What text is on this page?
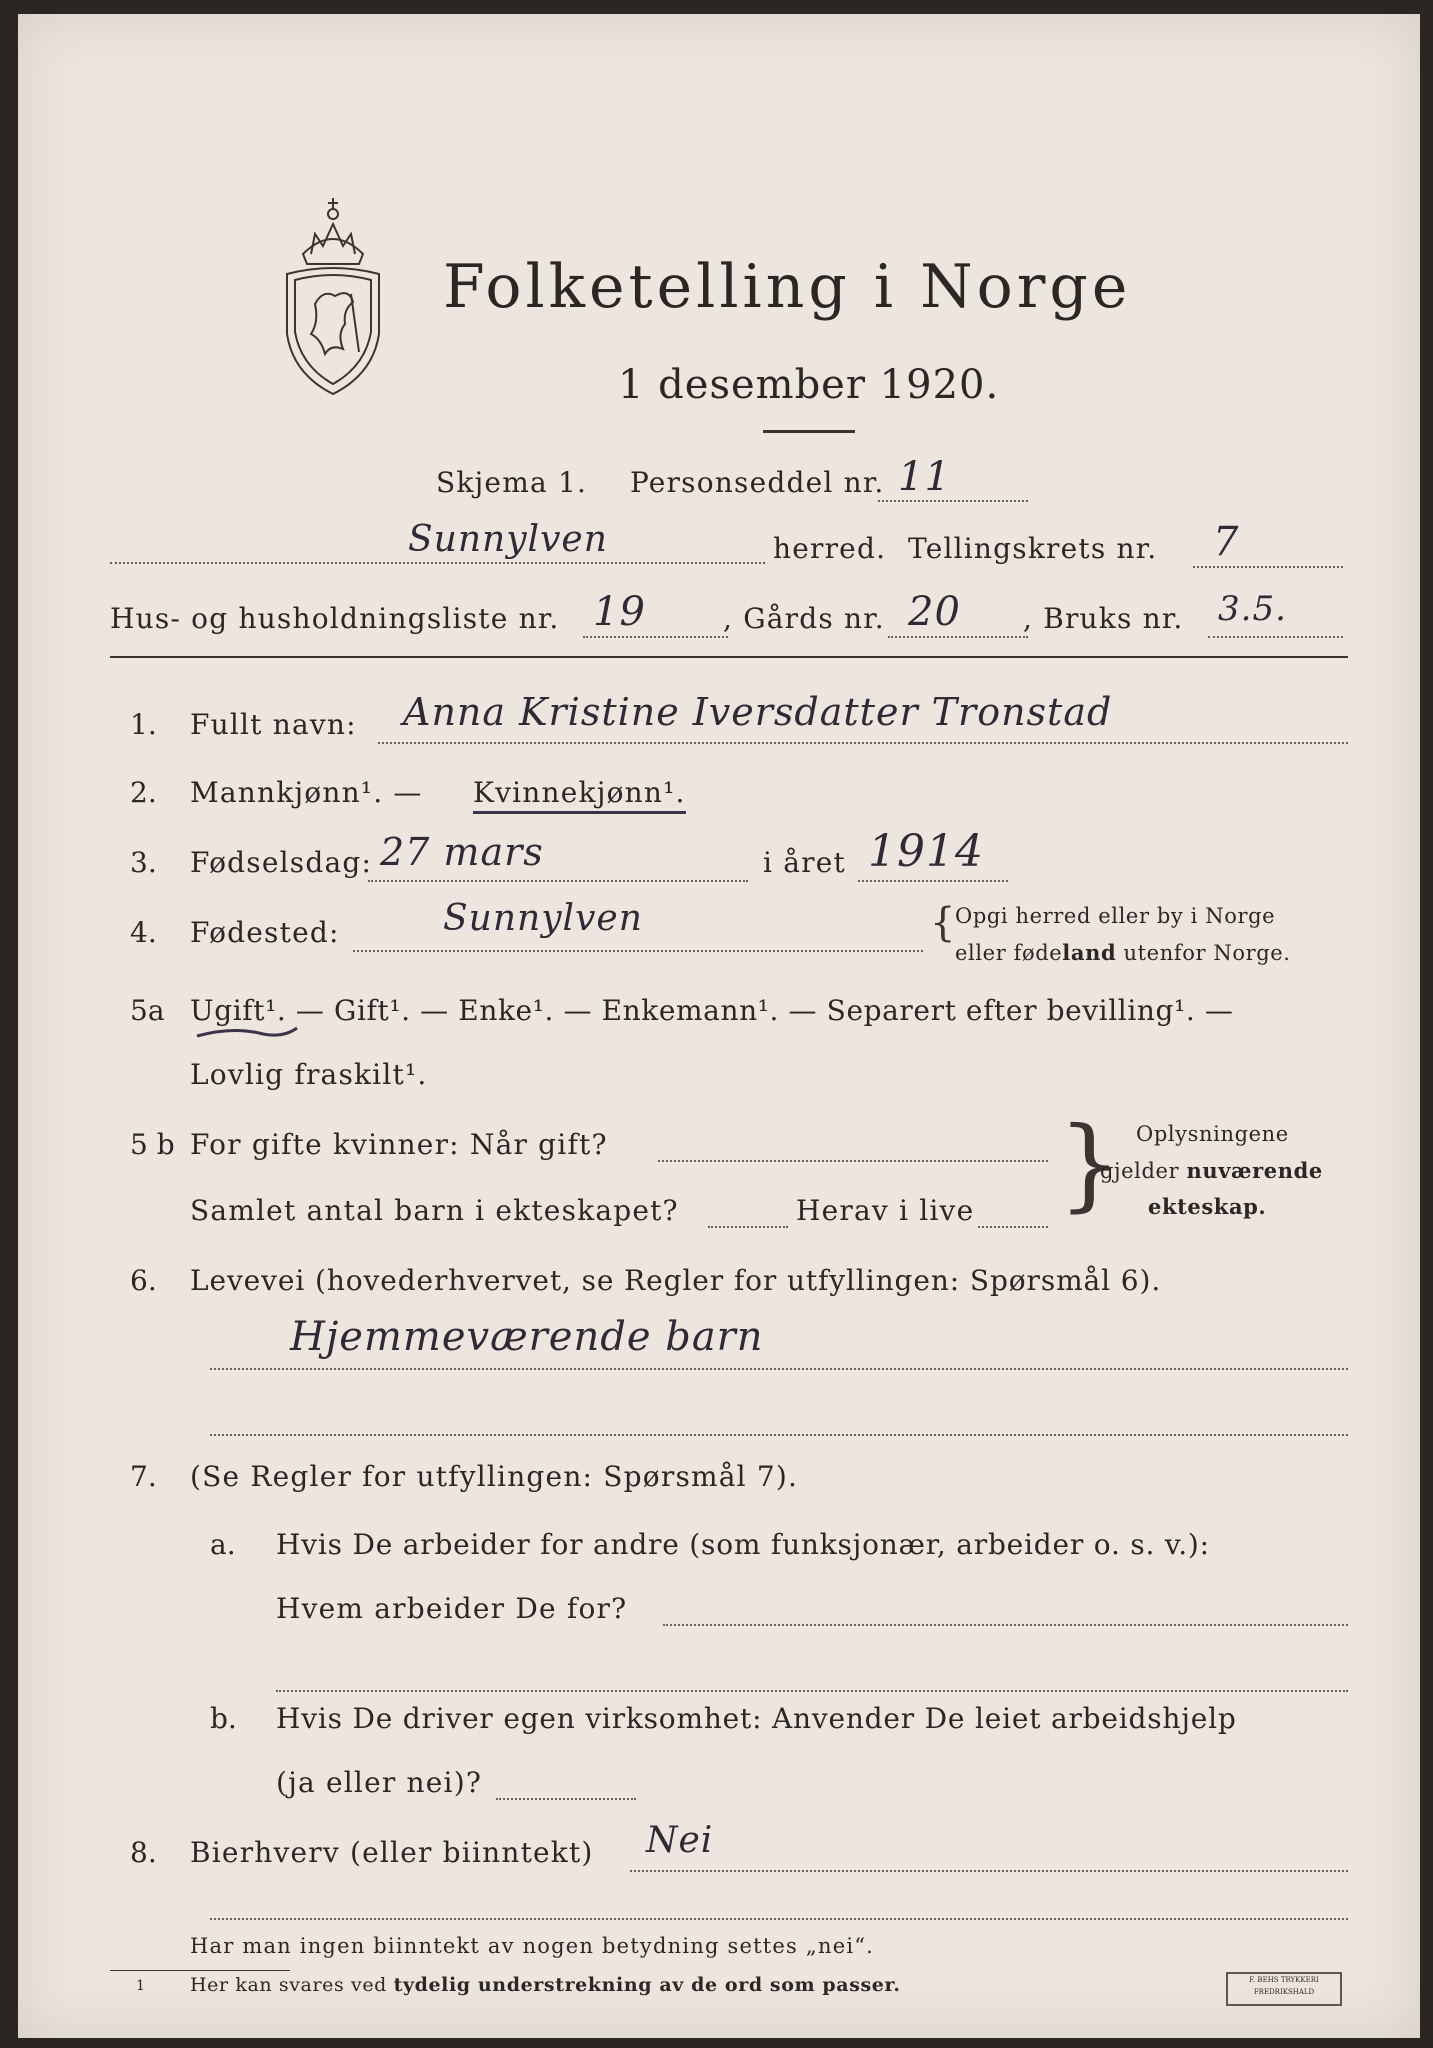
Folketelling i Norge
1 desember 1920.
Skjema 1. Personseddel nr. 11
Sunnylven	herred. Tellingskrets nr. 7
Hus- og husholdningsliste nr. 19	, Gårds nr. 20 , Bruks nr. 3.5.
1. Fullt navn: Anna Kristine Iversdatter Tronstad
2. Mannkjønn¹. — Kvinnekjønn¹.
3. Fødselsdag: 27 mars	i året 1914
4. Fødested:	Sunnylven	{ Opgi herred eller by i Norge
eller fødeland utenfor Norge.
5a Ugift¹. — Gift¹. — Enke¹. — Enkemann¹. — Separert efter bevilling¹. —
Lovlig fraskilt¹.
5 b For gifte kvinner: Når gift?
Samlet antal barn i ekteskapet?	Herav i live } Oplysningene
gjelder nuværende
ekteskap.
6. Levevei (hovederhvervet, se Regler for utfyllingen: Spørsmål 6).
Hjemmeværende barn
7. (Se Regler for utfyllingen: Spørsmål 7).
a. Hvis De arbeider for andre (som funksjonær, arbeider o. s. v.):
Hvem arbeider De for?
b. Hvis De driver egen virksomhet: Anvender De leiet arbeidshjelp
(ja eller nei)?
8. Bierhverv (eller biinntekt) Nei
Har man ingen biinntekt av nogen betydning settes „nei“.
1 Her kan svares ved tydelig understrekning av de ord som passer.	F. BEHS TRYKKERI
FREDRIKSHALD
